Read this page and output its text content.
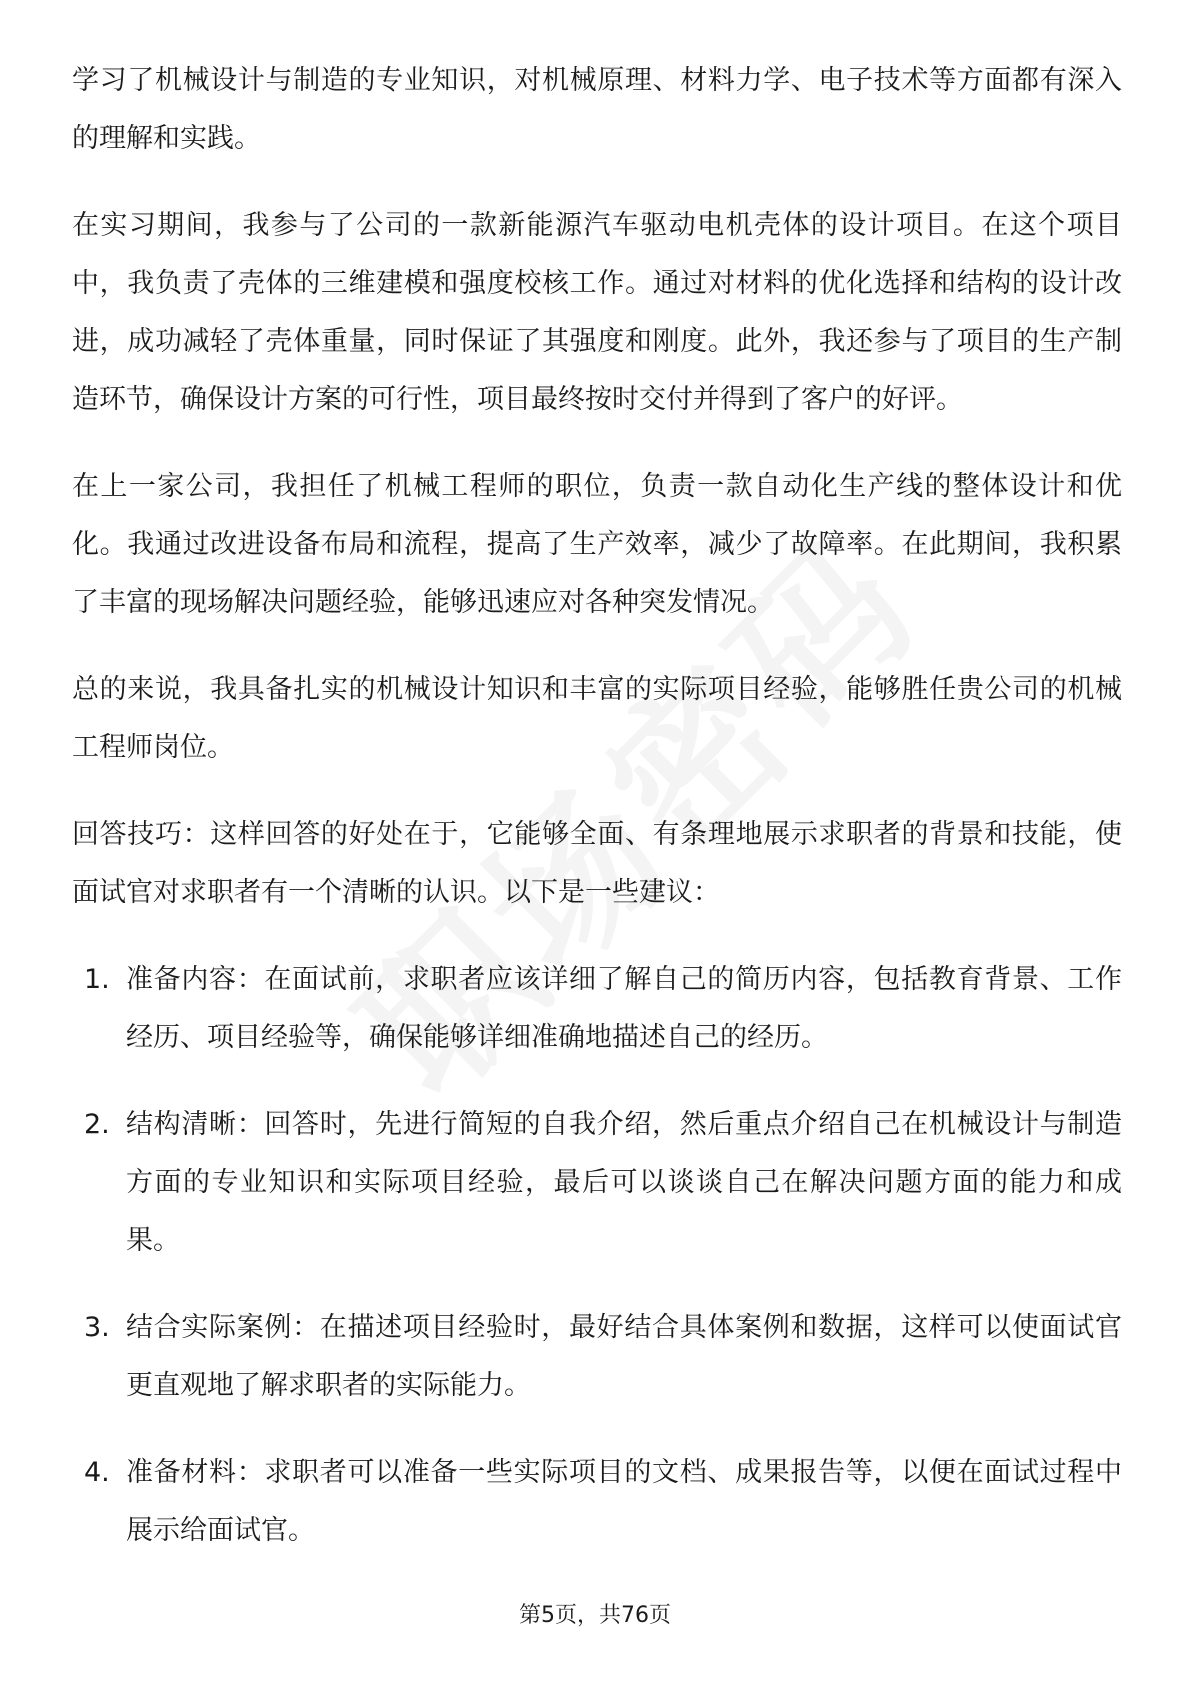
学习了机械设计与制造的专业知识，对机械原理、材料力学、电子技术等方面都有深入的理解和实践。

在实习期间，我参与了公司的一款新能源汽车驱动电机壳体的设计项目。在这个项目中，我负责了壳体的三维建模和强度校核工作。通过对材料的优化选择和结构的设计改进，成功减轻了壳体重量，同时保证了其强度和刚度。此外，我还参与了项目的生产制造环节，确保设计方案的可行性，项目最终按时交付并得到了客户的好评。

在上一家公司，我担任了机械工程师的职位，负责一款自动化生产线的整体设计和优化。我通过改进设备布局和流程，提高了生产效率，减少了故障率。在此期间，我积累了丰富的现场解决问题经验，能够迅速应对各种突发情况。

总的来说，我具备扎实的机械设计知识和丰富的实际项目经验，能够胜任贵公司的机械工程师岗位。

回答技巧：这样回答的好处在于，它能够全面、有条理地展示求职者的背景和技能，使面试官对求职者有一个清晰的认识。以下是一些建议：

1. 准备内容：在面试前，求职者应该详细了解自己的简历内容，包括教育背景、工作经历、项目经验等，确保能够详细准确地描述自己的经历。
2. 结构清晰：回答时，先进行简短的自我介绍，然后重点介绍自己在机械设计与制造方面的专业知识和实际项目经验，最后可以谈谈自己在解决问题方面的能力和成果。
3. 结合实际案例：在描述项目经验时，最好结合具体案例和数据，这样可以使面试官更直观地了解求职者的实际能力。
4. 准备材料：求职者可以准备一些实际项目的文档、成果报告等，以便在面试过程中展示给面试官。
第5页，共76页
